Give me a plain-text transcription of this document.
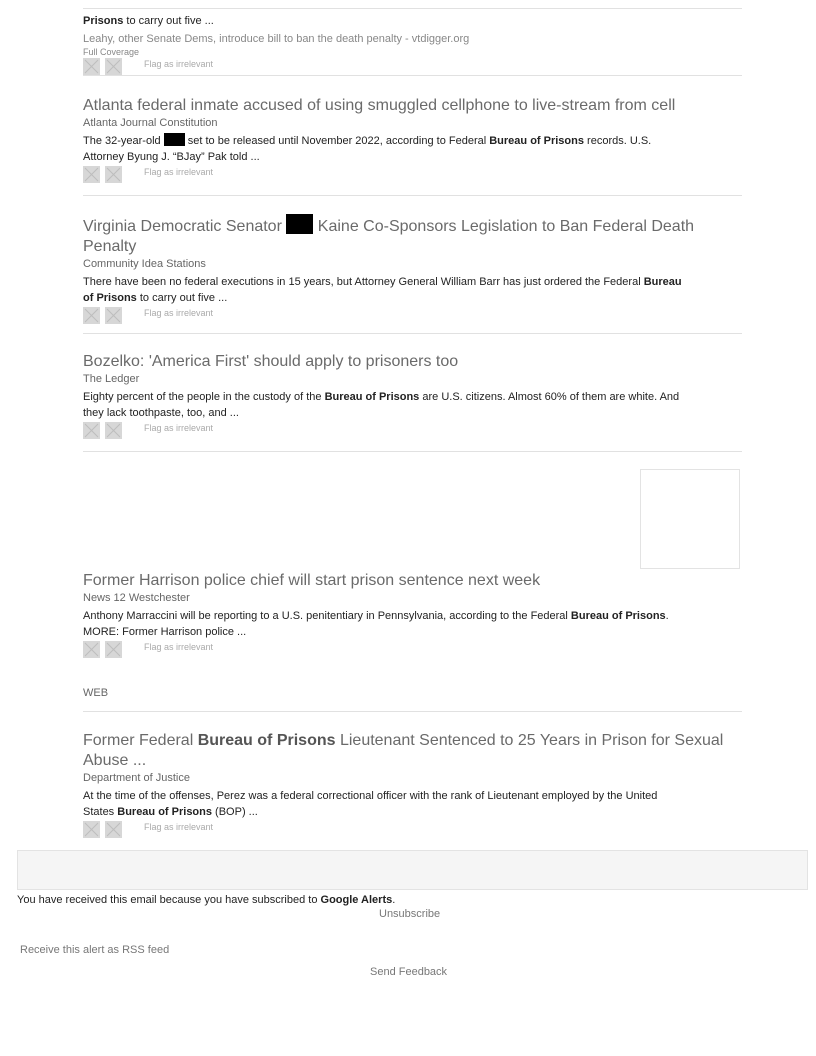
Prisons to carry out five ...
Leahy, other Senate Dems, introduce bill to ban the death penalty - vtdigger.org
Full Coverage
Flag as irrelevant
Atlanta federal inmate accused of using smuggled cellphone to live-stream from cell
Atlanta Journal Constitution
The 32-year-old  set to be released until November 2022, according to Federal Bureau of Prisons records. U.S.
Attorney Byung J. “BJay” Pak told ...
Flag as irrelevant
Virginia Democratic Senator  Kaine Co-Sponsors Legislation to Ban Federal Death
Penalty
Community Idea Stations
There have been no federal executions in 15 years, but Attorney General William Barr has just ordered the Federal Bureau
of Prisons to carry out five ...
Flag as irrelevant
Bozelko: 'America First' should apply to prisoners too
The Ledger
Eighty percent of the people in the custody of the Bureau of Prisons are U.S. citizens. Almost 60% of them are white. And
they lack toothpaste, too, and ...
Flag as irrelevant
Former Harrison police chief will start prison sentence next week
News 12 Westchester
Anthony Marraccini will be reporting to a U.S. penitentiary in Pennsylvania, according to the Federal Bureau of Prisons.
MORE: Former Harrison police ...
Flag as irrelevant
WEB
Former Federal Bureau of Prisons Lieutenant Sentenced to 25 Years in Prison for Sexual
Abuse ...
Department of Justice
At the time of the offenses, Perez was a federal correctional officer with the rank of Lieutenant employed by the United
States Bureau of Prisons (BOP) ...
Flag as irrelevant
You have received this email because you have subscribed to Google Alerts.
Unsubscribe
Receive this alert as RSS feed
Send Feedback
